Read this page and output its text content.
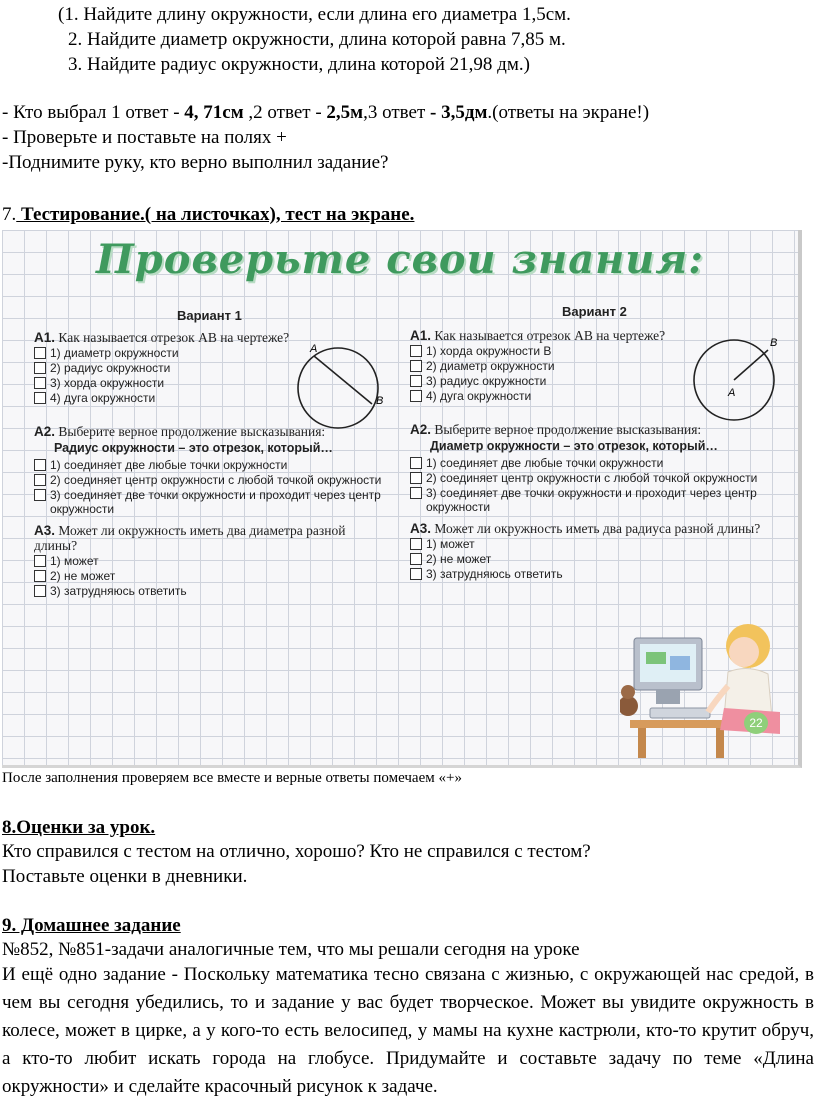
(1. Найдите длину окружности, если длина его диаметра 1,5см.
2. Найдите диаметр окружности, длина которой равна 7,85 м.
3. Найдите радиус окружности, длина которой 21,98 дм.)
- Кто выбрал 1 ответ - 4, 71см ,2 ответ - 2,5м,3 ответ - 3,5дм.(ответы на экране!)
- Проверьте и поставьте на полях +
-Поднимите руку, кто верно выполнил задание?
7. Тестирование.( на листочках), тест на экране.
Проверьте свои знания:
Вариант 1
А1. Как называется отрезок АВ на чертеже?
1) диаметр окружности
2) радиус окружности
3) хорда окружности
4) дуга окружности
А2. Выберите верное продолжение высказывания:
Радиус окружности – это отрезок, который…
1) соединяет две любые точки окружности
2) соединяет центр окружности с любой точкой окружности
3) соединяет две точки окружности и проходит через центр окружности
А3. Может ли окружность иметь два диаметра разной длины?
1) может
2) не может
3) затрудняюсь ответить
A
B
Вариант 2
А1. Как называется отрезок АВ на чертеже?
1) хорда окружности В
2) диаметр окружности
3) радиус окружности
4) дуга окружности
А2. Выберите верное продолжение высказывания:
Диаметр окружности – это отрезок, который…
1) соединяет две любые точки окружности
2) соединяет центр окружности с любой точкой окружности
3) соединяет две точки окружности и проходит через центр окружности
А3. Может ли окружность иметь два радиуса разной длины?
1) может
2) не может
3) затрудняюсь ответить
A
B
22
После заполнения проверяем все вместе и верные ответы помечаем «+»
8.Оценки за урок.
Кто справился с тестом на отлично, хорошо? Кто не справился с тестом?
Поставьте оценки в дневники.
9. Домашнее задание
№852, №851-задачи аналогичные тем, что мы решали сегодня на уроке
И ещё одно задание - Поскольку математика тесно связана с жизнью, с окружающей нас средой, в чем вы сегодня убедились, то и задание у вас будет творческое. Может вы увидите окружность в колесе, может в цирке, а у кого-то есть велосипед, у мамы на кухне кастрюли, кто-то крутит обруч, а кто-то любит искать города на глобусе. Придумайте и составьте задачу по теме «Длина окружности» и сделайте красочный рисунок к задаче.
